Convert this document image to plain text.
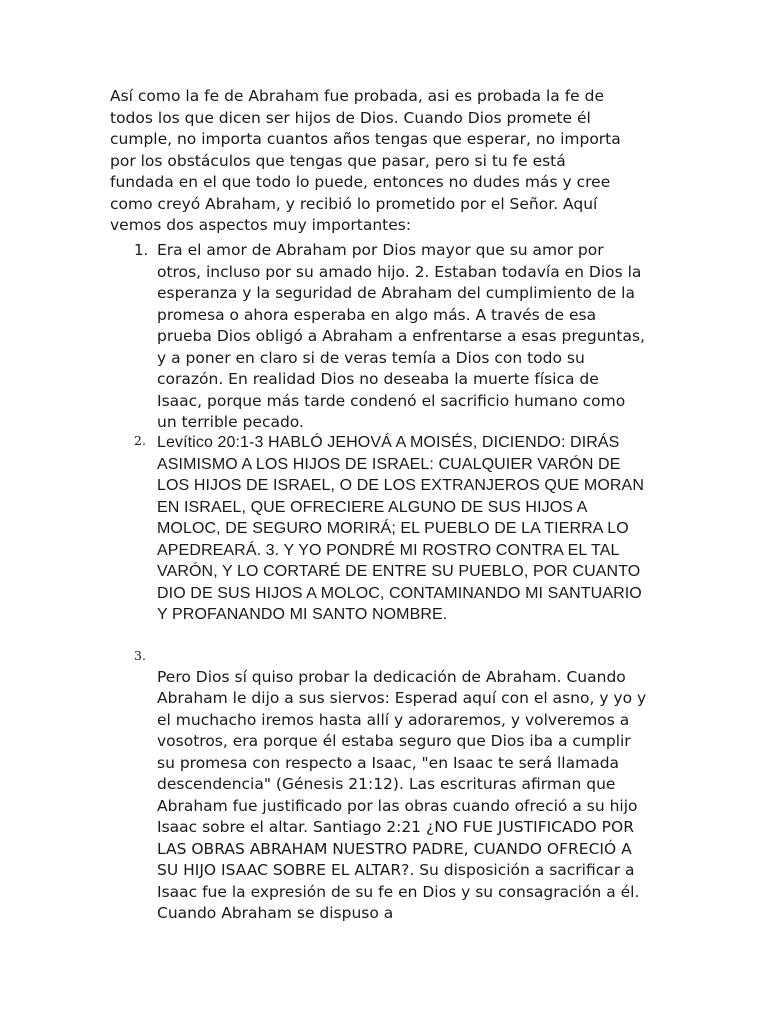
Así como la fe de Abraham fue probada, asi es probada la fe de todos los que dicen ser hijos de Dios. Cuando Dios promete él cumple, no importa cuantos años tengas que esperar, no importa por los obstáculos que tengas que pasar, pero si tu fe está fundada en el que todo lo puede, entonces no dudes más y cree como creyó Abraham, y recibió lo prometido por el Señor. Aquí vemos dos aspectos muy importantes:

1. Era el amor de Abraham por Dios mayor que su amor por otros, incluso por su amado hijo. 2. Estaban todavía en Dios la esperanza y la seguridad de Abraham del cumplimiento de la promesa o ahora esperaba en algo más. A través de esa prueba Dios obligó a Abraham a enfrentarse a esas preguntas, y a poner en claro si de veras temía a Dios con todo su corazón. En realidad Dios no deseaba la muerte física de Isaac, porque más tarde condenó el sacrificio humano como un terrible pecado.
2. Levítico 20:1-3 HABLÓ JEHOVÁ A MOISÉS, DICIENDO: DIRÁS ASIMISMO A LOS HIJOS DE ISRAEL: CUALQUIER VARÓN DE LOS HIJOS DE ISRAEL, O DE LOS EXTRANJEROS QUE MORAN EN ISRAEL, QUE OFRECIERE ALGUNO DE SUS HIJOS A MOLOC, DE SEGURO MORIRÁ; EL PUEBLO DE LA TIERRA LO APEDREARÁ. 3. Y YO PONDRÉ MI ROSTRO CONTRA EL TAL VARÓN, Y LO CORTARÉ DE ENTRE SU PUEBLO, POR CUANTO DIO DE SUS HIJOS A MOLOC, CONTAMINANDO MI SANTUARIO Y PROFANANDO MI SANTO NOMBRE.
3.
Pero Dios sí quiso probar la dedicación de Abraham. Cuando Abraham le dijo a sus siervos: Esperad aquí con el asno, y yo y el muchacho iremos hasta allí y adoraremos, y volveremos a vosotros, era porque él estaba seguro que Dios iba a cumplir su promesa con respecto a Isaac, "en Isaac te será llamada descendencia" (Génesis 21:12). Las escrituras afirman que Abraham fue justificado por las obras cuando ofreció a su hijo Isaac sobre el altar. Santiago 2:21 ¿NO FUE JUSTIFICADO POR LAS OBRAS ABRAHAM NUESTRO PADRE, CUANDO OFRECIÓ A SU HIJO ISAAC SOBRE EL ALTAR?. Su disposición a sacrificar a Isaac fue la expresión de su fe en Dios y su consagración a él. Cuando Abraham se dispuso a
